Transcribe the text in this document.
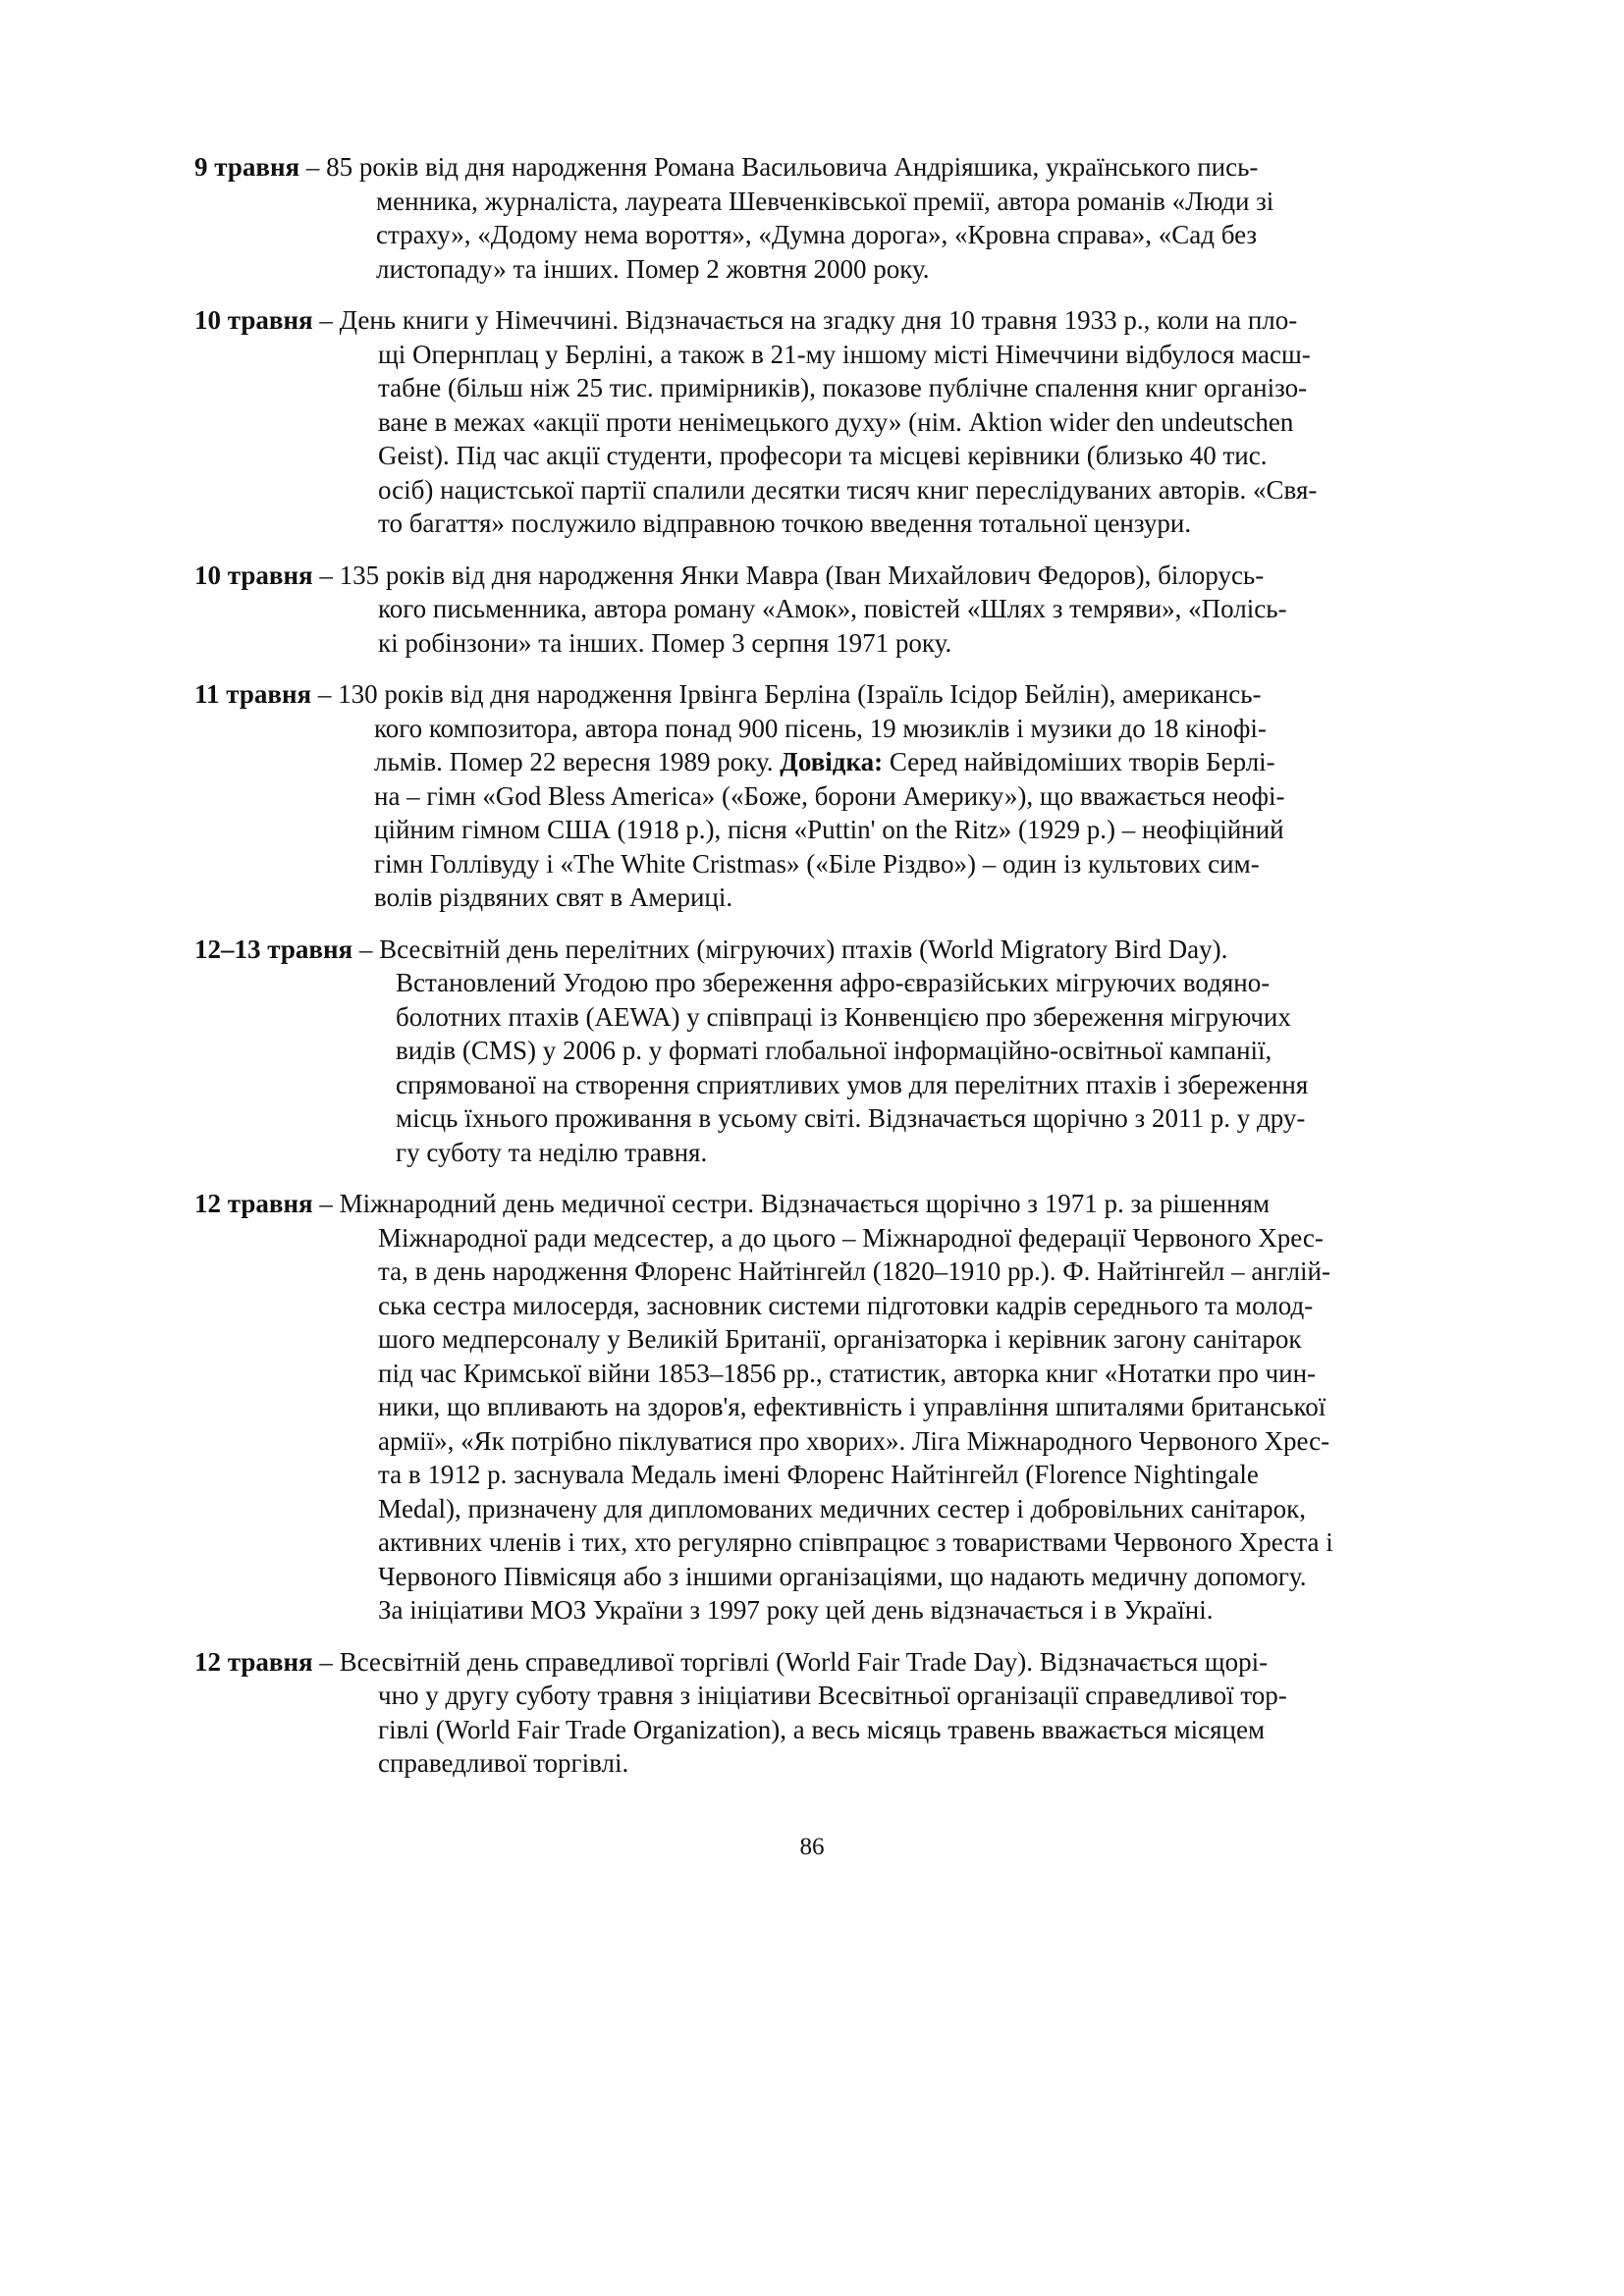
9 травня – 85 років від дня народження Романа Васильовича Андріяшика, українського пись-
менника, журналіста, лауреата Шевченківської премії, автора романів «Люди зі
страху», «Додому нема вороття», «Думна дорога», «Кровна справа», «Сад без
листопаду» та інших. Помер 2 жовтня 2000 року.
10 травня – День книги у Німеччині. Відзначається на згадку дня 10 травня 1933 р., коли на пло-
щі Опернплац у Берліні, а також в 21-му іншому місті Німеччини відбулося масш-
табне (більш ніж 25 тис. примірників), показове публічне спалення книг організо-
ване в межах «акції проти ненімецького духу» (нім. Aktion wider den undeutschen
Geist). Під час акції студенти, професори та місцеві керівники (близько 40 тис.
осіб) нацистської партії спалили десятки тисяч книг переслідуваних авторів. «Свя-
то багаття» послужило відправною точкою введення тотальної цензури.
10 травня – 135 років від дня народження Янки Мавра (Іван Михайлович Федоров), білорусь-
кого письменника, автора роману «Амок», повістей «Шлях з темряви», «Полісь-
кі робінзони» та інших. Помер 3 серпня 1971 року.
11 травня – 130 років від дня народження Ірвінга Берліна (Ізраїль Ісідор Бейлін), американсь-
кого композитора, автора понад 900 пісень, 19 мюзиклів і музики до 18 кінофі-
льмів. Помер 22 вересня 1989 року. Довідка: Серед найвідоміших творів Берлі-
на – гімн «God Bless America» («Боже, борони Америку»), що вважається неофі-
ційним гімном США (1918 р.), пісня «Puttin' on the Ritz» (1929 р.) – неофіційний
гімн Голлівуду і «The White Cristmas» («Біле Різдво») – один із культових сим-
волів різдвяних свят в Америці.
12–13 травня – Всесвітній день перелітних (мігруючих) птахів (World Migratory Bird Day).
Встановлений Угодою про збереження афро-євразійських мігруючих водяно-
болотних птахів (AEWA) у співпраці із Конвенцією про збереження мігруючих
видів (CMS) у 2006 р. у форматі глобальної інформаційно-освітньої кампанії,
спрямованої на створення сприятливих умов для перелітних птахів і збереження
місць їхнього проживання в усьому світі. Відзначається щорічно з 2011 р. у дру-
гу суботу та неділю травня.
12 травня – Міжнародний день медичної сестри. Відзначається щорічно з 1971 р. за рішенням
Міжнародної ради медсестер, а до цього – Міжнародної федерації Червоного Хрес-
та, в день народження Флоренс Найтінгейл (1820–1910 рр.). Ф. Найтінгейл – англій-
ська сестра милосердя, засновник системи підготовки кадрів середнього та молод-
шого медперсоналу у Великій Британії, організаторка і керівник загону санітарок
під час Кримської війни 1853–1856 рр., статистик, авторка книг «Нотатки про чин-
ники, що впливають на здоров'я, ефективність і управління шпиталями британської
армії», «Як потрібно піклуватися про хворих». Ліга Міжнародного Червоного Хрес-
та в 1912 р. заснувала Медаль імені Флоренс Найтінгейл (Florence Nightingale
Medal), призначену для дипломованих медичних сестер і добровільних санітарок,
активних членів і тих, хто регулярно співпрацює з товариствами Червоного Хреста і
Червоного Півмісяця або з іншими організаціями, що надають медичну допомогу.
За ініціативи МОЗ України з 1997 року цей день відзначається і в Україні.
12 травня – Всесвітній день справедливої торгівлі (World Fair Trade Day). Відзначається щорі-
чно у другу суботу травня з ініціативи Всесвітньої організації справедливої тор-
гівлі (World Fair Trade Organization), а весь місяць травень вважається місяцем
справедливої торгівлі.
86
